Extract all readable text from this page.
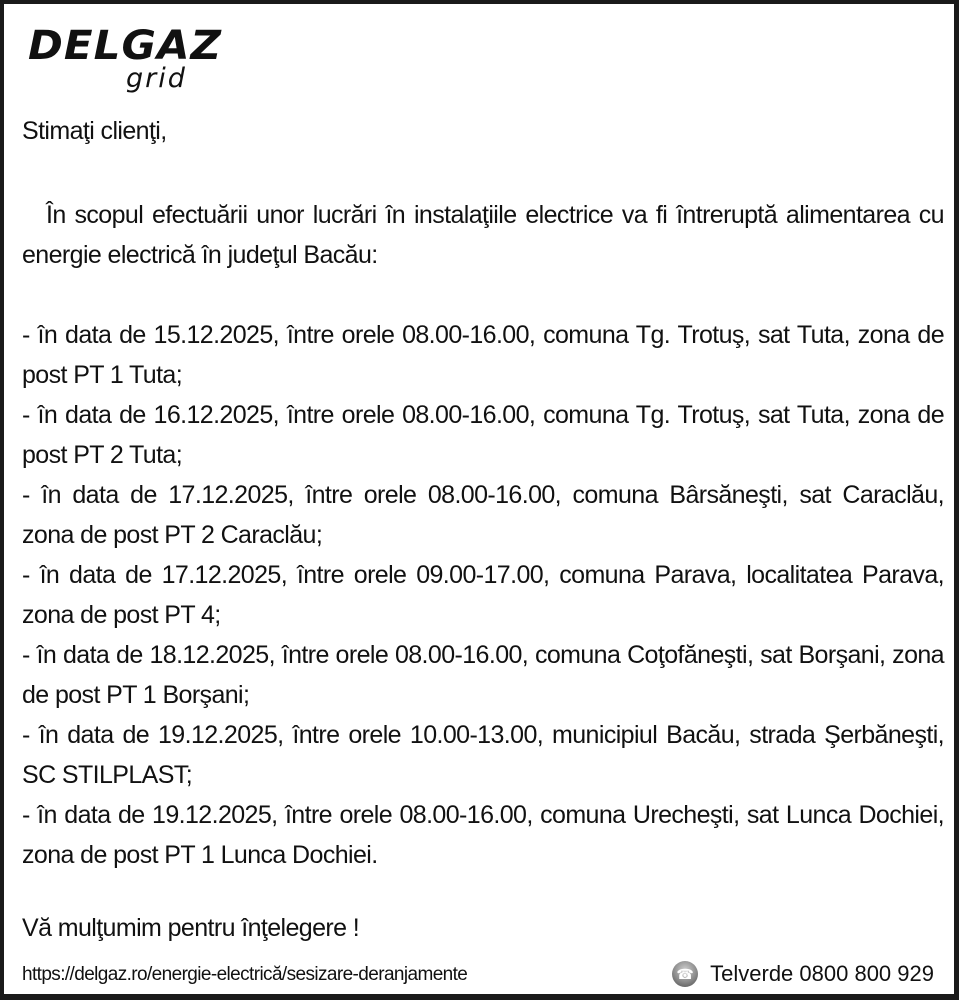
DELGAZ
grid
Stimaţi clienţi,
În scopul efectuării unor lucrări în instalaţiile electrice va fi întreruptă alimentarea cu energie electrică în judeţul Bacău:
- în data de 15.12.2025, între orele 08.00-16.00, comuna Tg. Trotuş, sat Tuta, zona de post PT 1 Tuta;
- în data de 16.12.2025, între orele 08.00-16.00, comuna Tg. Trotuş, sat Tuta, zona de post PT 2 Tuta;
- în data de 17.12.2025, între orele 08.00-16.00, comuna Bârsăneşti, sat Caraclău, zona de post PT 2 Caraclău;
- în data de 17.12.2025, între orele 09.00-17.00, comuna Parava, localitatea Parava, zona de post PT 4;
- în data de 18.12.2025, între orele 08.00-16.00, comuna Coţofăneşti, sat Borşani, zona de post PT 1 Borşani;
- în data de 19.12.2025, între orele 10.00-13.00, municipiul Bacău, strada Şerbăneşti, SC STILPLAST;
- în data de 19.12.2025, între orele 08.00-16.00, comuna Urecheşti, sat Lunca Dochiei, zona de post PT 1 Lunca Dochiei.
Vă mulţumim pentru înţelegere !
https://delgaz.ro/energie-electrică/sesizare-deranjamente	☎ Telverde 0800 800 929
